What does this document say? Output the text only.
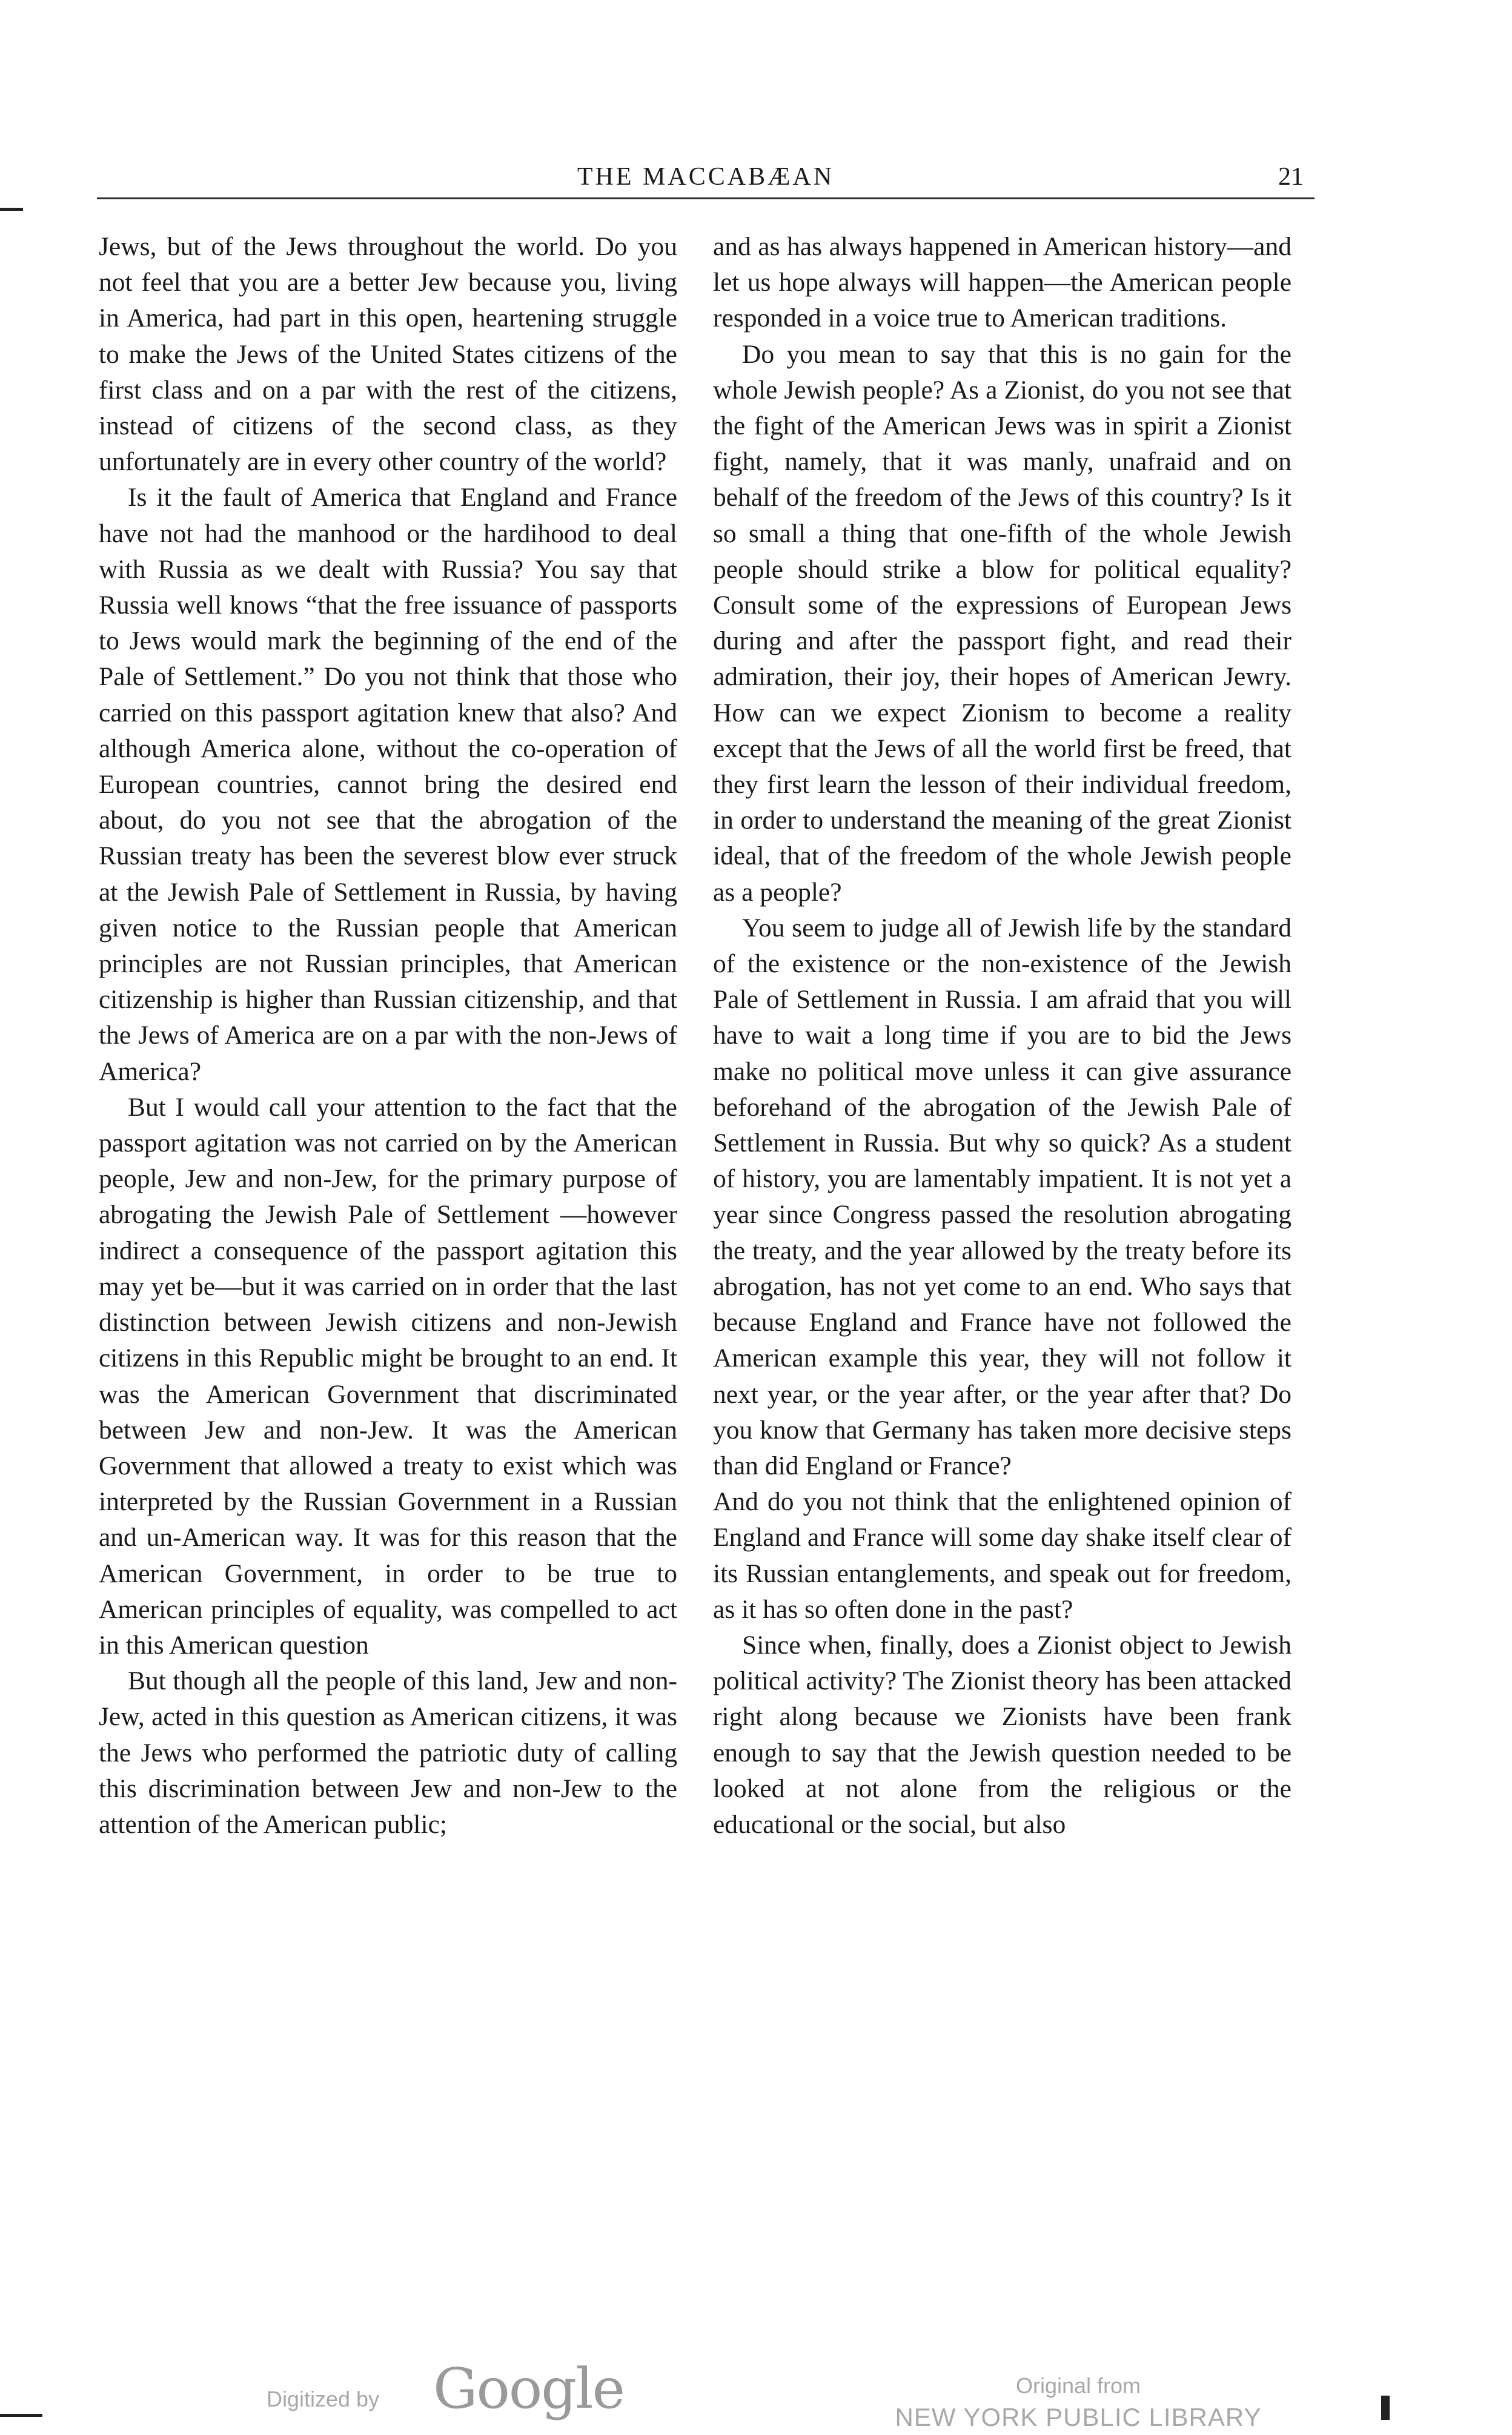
THE MACCABÆAN	21

Jews, but of the Jews throughout the world. Do you not feel that you are a better Jew because you, living in America, had part in this open, heartening struggle to make the Jews of the United States citizens of the first class and on a par with the rest of the citizens, instead of citizens of the second class, as they unfortunately are in every other country of the world?

Is it the fault of America that England and France have not had the manhood or the hardihood to deal with Russia as we dealt with Russia? You say that Russia well knows “that the free issuance of passports to Jews would mark the beginning of the end of the Pale of Settlement.” Do you not think that those who carried on this passport agitation knew that also? And although America alone, without the co-operation of European countries, cannot bring the desired end about, do you not see that the abrogation of the Russian treaty has been the severest blow ever struck at the Jewish Pale of Settlement in Russia, by having given notice to the Russian people that American principles are not Russian principles, that American citizenship is higher than Russian citizenship, and that the Jews of America are on a par with the non-Jews of America?

But I would call your attention to the fact that the passport agitation was not carried on by the American people, Jew and non-Jew, for the primary purpose of abrogating the Jewish Pale of Settlement —however indirect a consequence of the passport agitation this may yet be—but it was carried on in order that the last distinction between Jewish citizens and non-Jewish citizens in this Republic might be brought to an end. It was the American Government that discriminated between Jew and non-Jew. It was the American Government that allowed a treaty to exist which was interpreted by the Russian Government in a Russian and un-American way. It was for this reason that the American Government, in order to be true to American principles of equality, was compelled to act in this American question

But though all the people of this land, Jew and non-Jew, acted in this question as American citizens, it was the Jews who performed the patriotic duty of calling this discrimination between Jew and non-Jew to the attention of the American public;

and as has always happened in American history—and let us hope always will happen—the American people responded in a voice true to American traditions.

Do you mean to say that this is no gain for the whole Jewish people? As a Zionist, do you not see that the fight of the American Jews was in spirit a Zionist fight, namely, that it was manly, unafraid and on behalf of the freedom of the Jews of this country? Is it so small a thing that one-fifth of the whole Jewish people should strike a blow for political equality? Consult some of the expressions of European Jews during and after the passport fight, and read their admiration, their joy, their hopes of American Jewry. How can we expect Zionism to become a reality except that the Jews of all the world first be freed, that they first learn the lesson of their individual freedom, in order to understand the meaning of the great Zionist ideal, that of the freedom of the whole Jewish people as a people?

You seem to judge all of Jewish life by the standard of the existence or the non-existence of the Jewish Pale of Settlement in Russia. I am afraid that you will have to wait a long time if you are to bid the Jews make no political move unless it can give assurance beforehand of the abrogation of the Jewish Pale of Settlement in Russia. But why so quick? As a student of history, you are lamentably impatient. It is not yet a year since Congress passed the resolution abrogating the treaty, and the year allowed by the treaty before its abrogation, has not yet come to an end. Who says that because England and France have not followed the American example this year, they will not follow it next year, or the year after, or the year after that? Do you know that Germany has taken more decisive steps than did England or France?

And do you not think that the enlightened opinion of England and France will some day shake itself clear of its Russian entanglements, and speak out for freedom, as it has so often done in the past?

Since when, finally, does a Zionist object to Jewish political activity? The Zionist theory has been attacked right along because we Zionists have been frank enough to say that the Jewish question needed to be looked at not alone from the religious or the educational or the social, but also

Digitized by Google	Original from
NEW YORK PUBLIC LIBRARY
